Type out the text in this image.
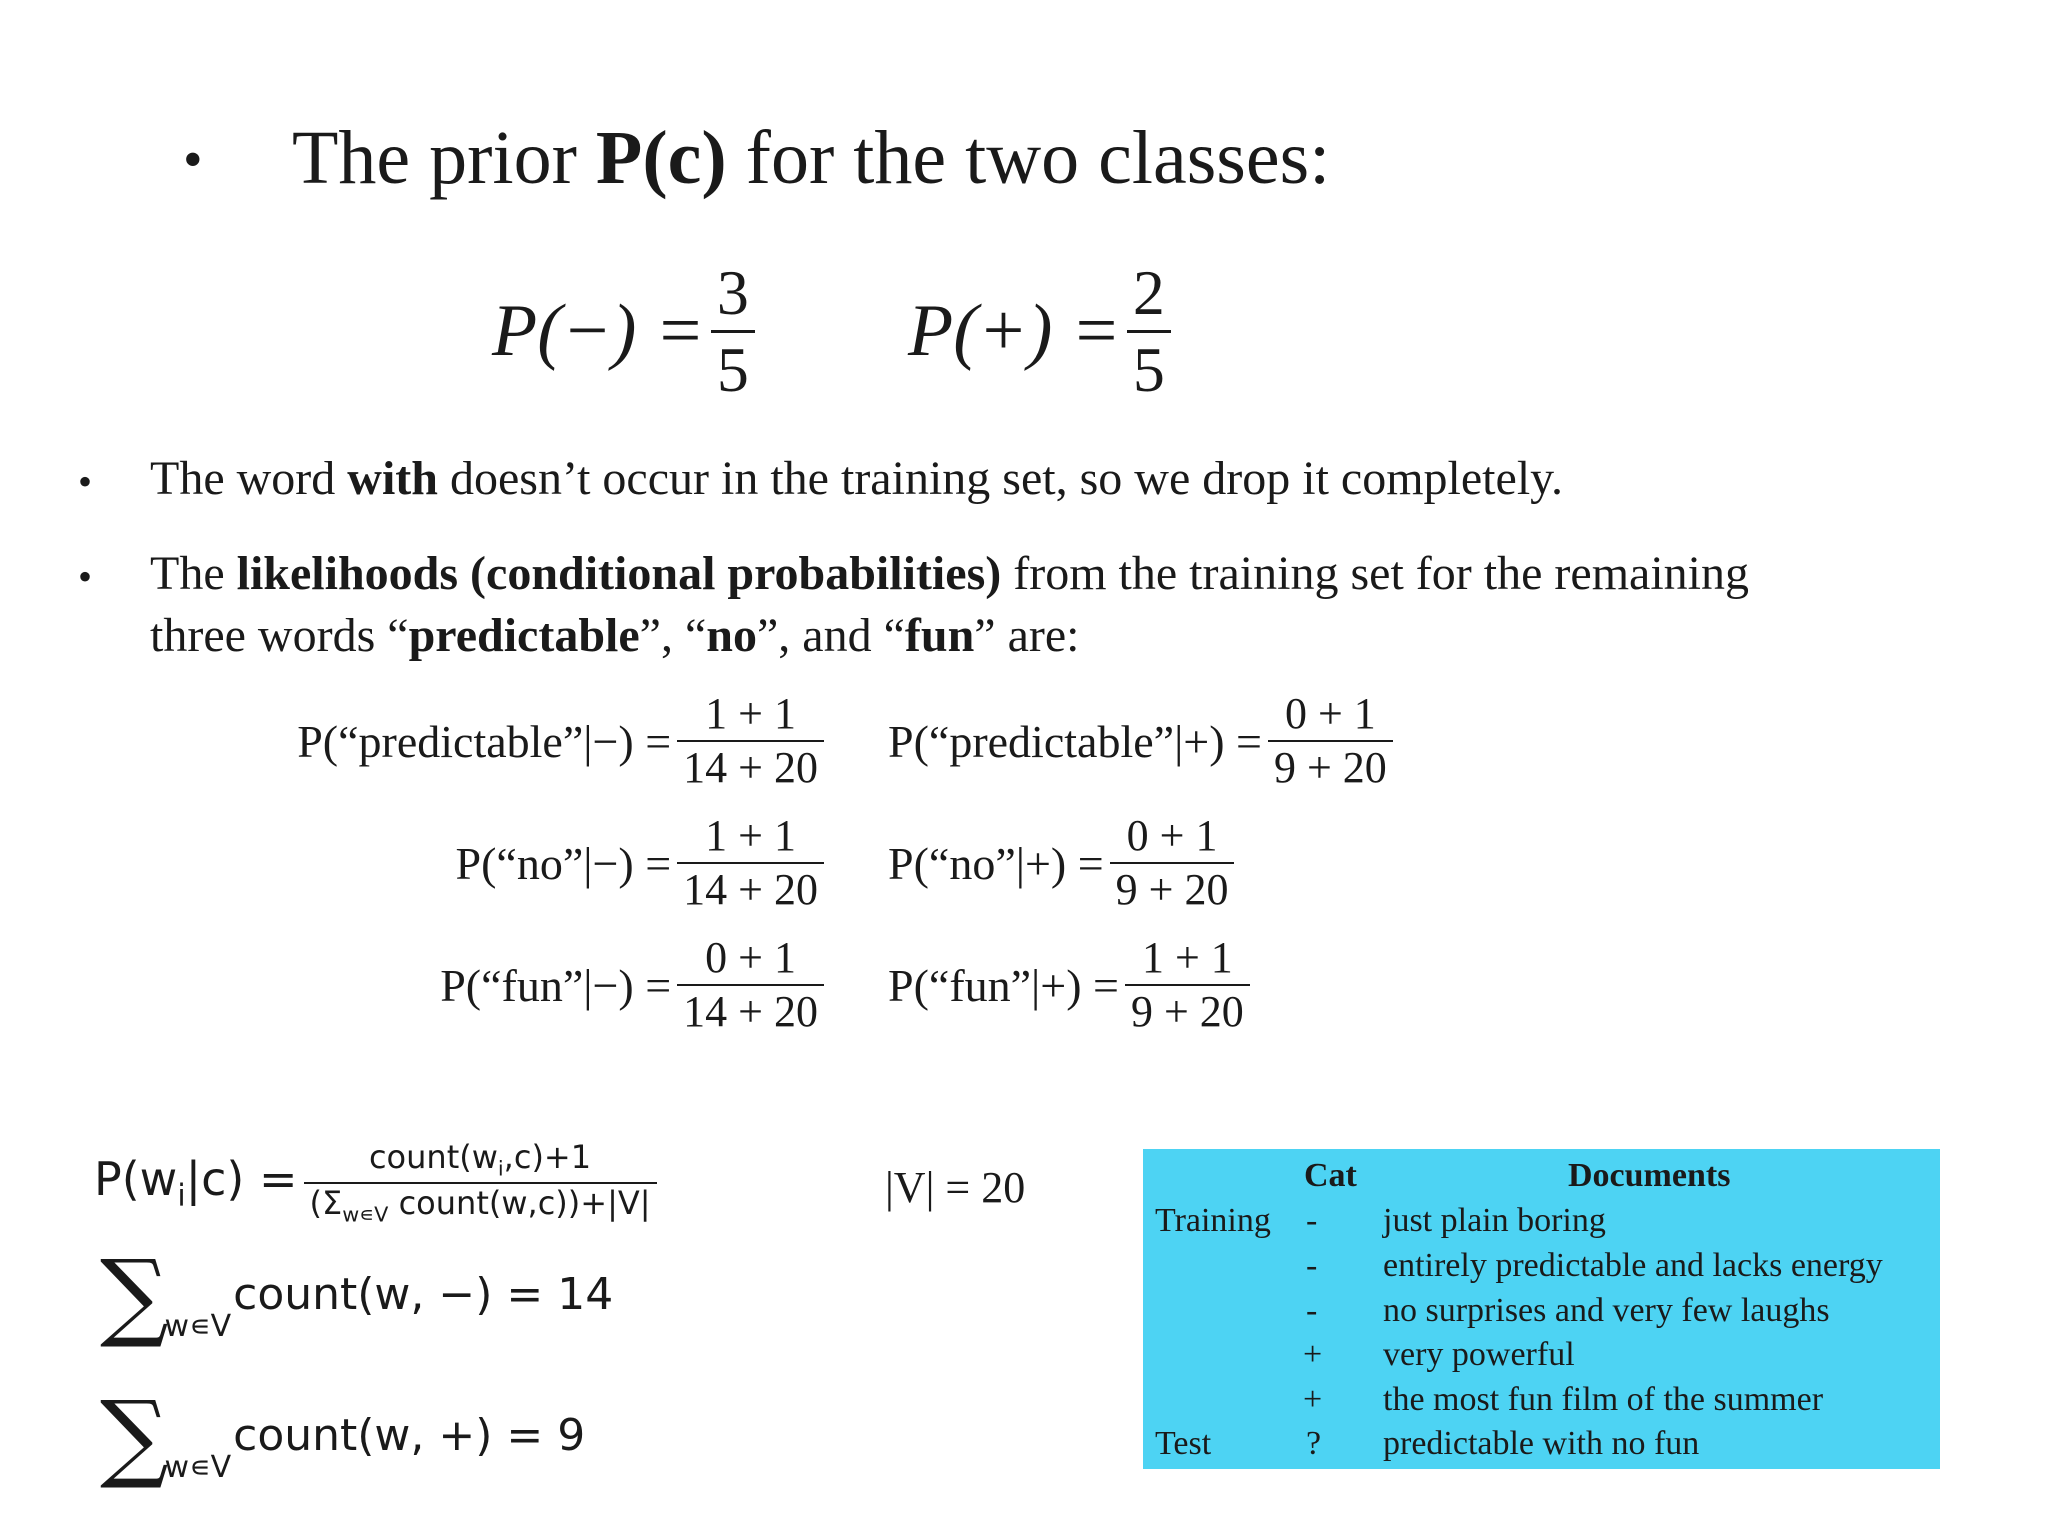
• The prior P(c) for the two classes:
$P(-) = \frac{3}{5} P(+) = \frac{2}{5}$
• The word with doesn’t occur in the training set, so we drop it completely.
• The likelihoods (conditional probabilities) from the training set for the remaining
three words “predictable”, “no”, and “fun” are:
P(“predictable”|−) = $\frac{1 + 1}{14 + 20}$
P(“no”|−) = $\frac{1 + 1}{14 + 20}$
P(“fun”|−) = $\frac{0 + 1}{14 + 20}$
P(“predictable”|+) = $\frac{0 + 1}{9 + 20}$
P(“no”|+) = $\frac{0 + 1}{9 + 20}$
P(“fun”|+) = $\frac{1 + 1}{9 + 20}$
$P(w_i|c) = \frac{count(w_i,c)+1}{(\Sigma_{w∊V} count(w,c))+|V|}$	|V| = 20
∑
w∊V
count(w, −) = 14
∑
w∊V
count(w, +) = 9
Cat	Documents
Training - just plain boring
- entirely predictable and lacks energy
- no surprises and very few laughs
+ very powerful
+ the most fun film of the summer
Test	? predictable with no fun
